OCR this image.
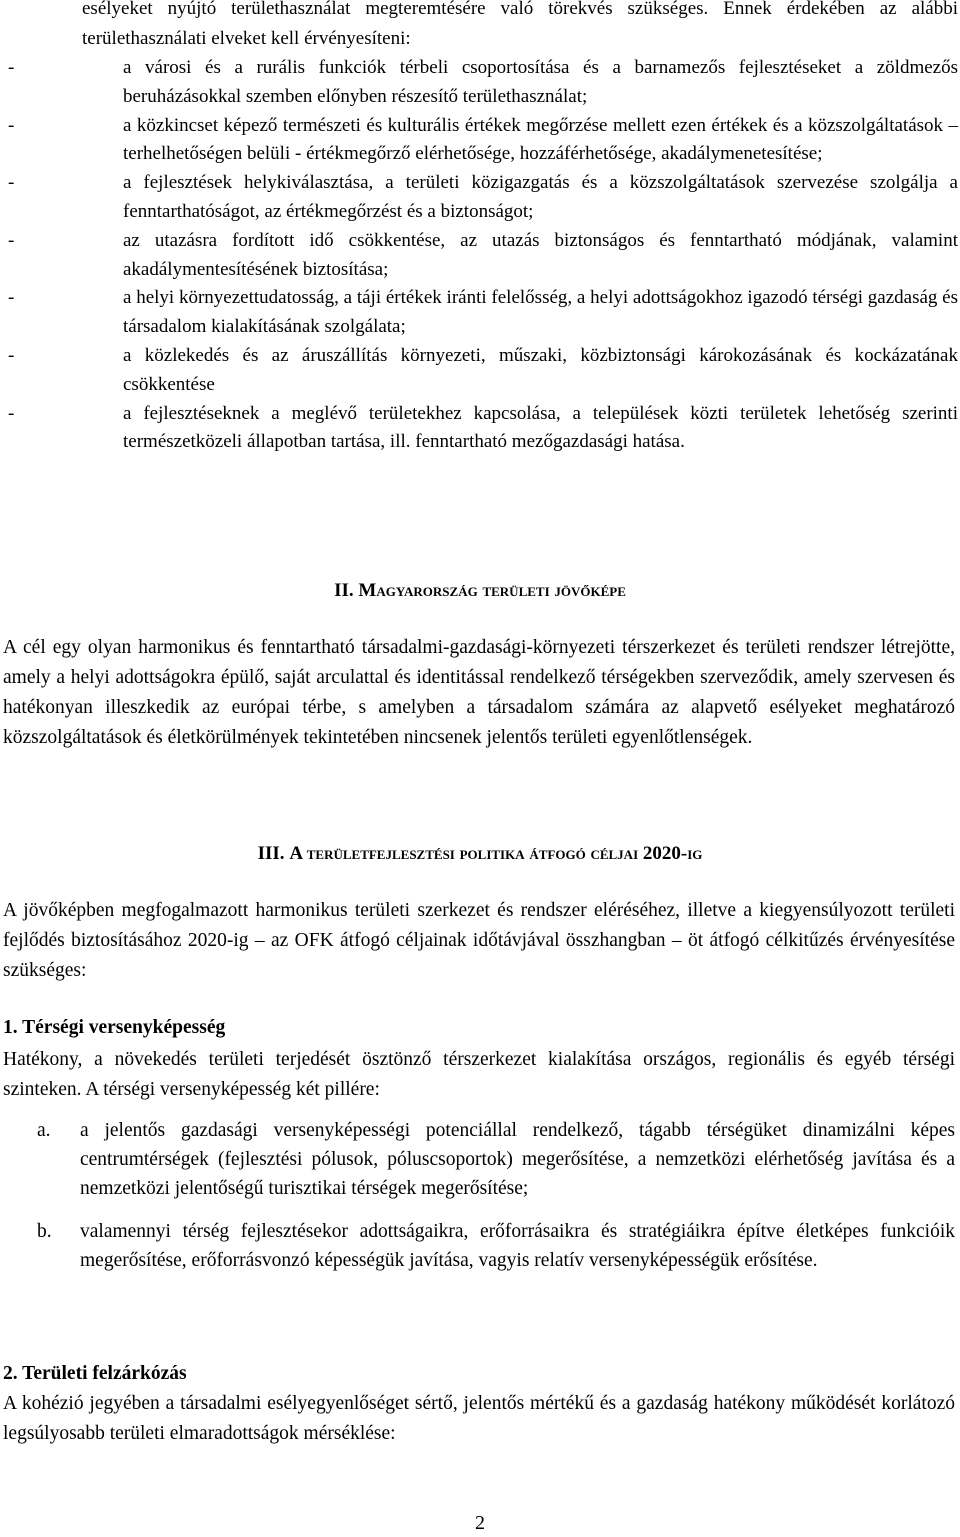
esélyeket nyújtó területhasználat megteremtésére való törekvés szükséges. Ennek érdekében az alábbi területhasználati elveket kell érvényesíteni:

-	a városi és a rurális funkciók térbeli csoportosítása és a barnamezős fejlesztéseket a zöldmezős beruházásokkal szemben előnyben részesítő területhasználat;
-	a közkincset képező természeti és kulturális értékek megőrzése mellett ezen értékek és a közszolgáltatások – terhelhetőségen belüli - értékmegőrző elérhetősége, hozzáférhetősége, akadálymenetesítése;
-	a fejlesztések helykiválasztása, a területi közigazgatás és a közszolgáltatások szervezése szolgálja a fenntarthatóságot, az értékmegőrzést és a biztonságot;
-	az utazásra fordított idő csökkentése, az utazás biztonságos és fenntartható módjának, valamint akadálymentesítésének biztosítása;
-	a helyi környezettudatosság, a táji értékek iránti felelősség, a helyi adottságokhoz igazodó térségi gazdaság és társadalom kialakításának szolgálata;
-	a közlekedés és az áruszállítás környezeti, műszaki, közbiztonsági károkozásának és kockázatának csökkentése
-	a fejlesztéseknek a meglévő területekhez kapcsolása, a települések közti területek lehetőség szerinti természetközeli állapotban tartása, ill. fenntartható mezőgazdasági hatása.
II. Magyarország területi jövőképe

A cél egy olyan harmonikus és fenntartható társadalmi-gazdasági-környezeti térszerkezet és területi rendszer létrejötte, amely a helyi adottságokra épülő, saját arculattal és identitással rendelkező térségekben szerveződik, amely szervesen és hatékonyan illeszkedik az európai térbe, s amelyben a társadalom számára az alapvető esélyeket meghatározó közszolgáltatások és életkörülmények tekintetében nincsenek jelentős területi egyenlőtlenségek.

III. A területfejlesztési politika átfogó céljai 2020-ig

A jövőképben megfogalmazott harmonikus területi szerkezet és rendszer eléréséhez, illetve a kiegyensúlyozott területi fejlődés biztosításához 2020-ig – az OFK átfogó céljainak időtávjával összhangban – öt átfogó célkitűzés érvényesítése szükséges:

1. Térségi versenyképesség

Hatékony, a növekedés területi terjedését ösztönző térszerkezet kialakítása országos, regionális és egyéb térségi szinteken. A térségi versenyképesség két pillére:

a. a jelentős gazdasági versenyképességi potenciállal rendelkező, tágabb térségüket dinamizálni képes centrumtérségek (fejlesztési pólusok, póluscsoportok) megerősítése, a nemzetközi elérhetőség javítása és a nemzetközi jelentőségű turisztikai térségek megerősítése;
b. valamennyi térség fejlesztésekor adottságaikra, erőforrásaikra és stratégiáikra építve életképes funkcióik megerősítése, erőforrásvonzó képességük javítása, vagyis relatív versenyképességük erősítése.
2. Területi felzárkózás

A kohézió jegyében a társadalmi esélyegyenlőséget sértő, jelentős mértékű és a gazdaság hatékony működését korlátozó legsúlyosabb területi elmaradottságok mérséklése:

2
